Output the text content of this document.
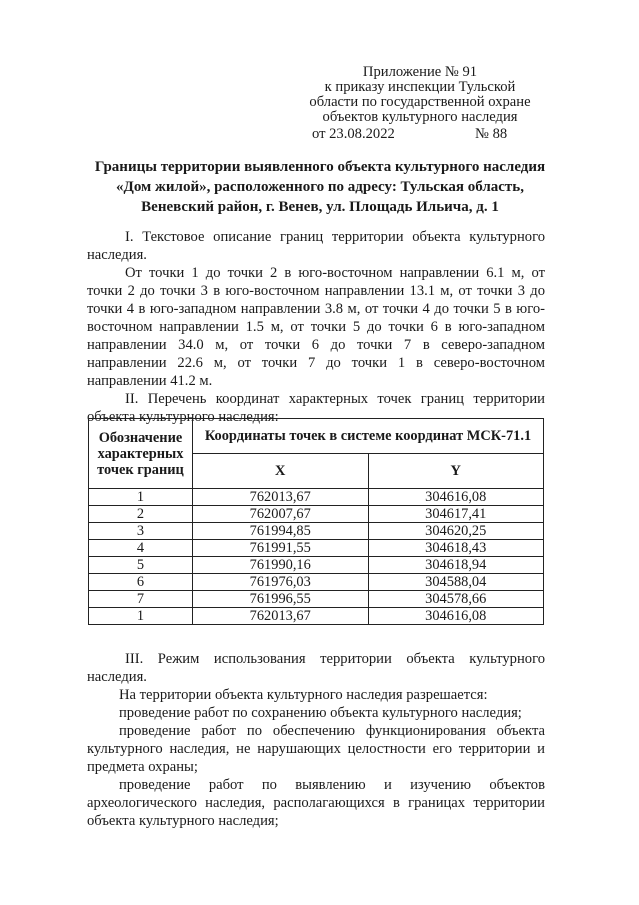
Приложение № 91
к приказу инспекции Тульской
области по государственной охране
объектов культурного наследия
от 23.08.2022	№ 88
Границы территории выявленного объекта культурного наследия
«Дом жилой», расположенного по адресу: Тульская область,
Веневский район, г. Венев, ул. Площадь Ильича, д. 1

I. Текстовое описание границ территории объекта культурного наследия.

От точки 1 до точки 2 в юго-восточном направлении 6.1 м, от точки 2 до точки 3 в юго-восточном направлении 13.1 м, от точки 3 до точки 4 в юго-западном направлении 3.8 м, от точки 4 до точки 5 в юго-восточном направлении 1.5 м, от точки 5 до точки 6 в юго-западном направлении 34.0 м, от точки 6 до точки 7 в северо-западном направлении 22.6 м, от точки 7 до точки 1 в северо-восточном направлении 41.2 м.

II. Перечень координат характерных точек границ территории объекта культурного наследия:

Обозначение характерных точек границ	Координаты точек в системе координат МСК-71.1	
	X	Y
1	762013,67	304616,08
2	762007,67	304617,41
3	761994,85	304620,25
4	761991,55	304618,43
5	761990,16	304618,94
6	761976,03	304588,04
7	761996,55	304578,66
1	762013,67	304616,08

III. Режим использования территории объекта культурного наследия.

На территории объекта культурного наследия разрешается:

проведение работ по сохранению объекта культурного наследия;

проведение работ по обеспечению функционирования объекта культурного наследия, не нарушающих целостности его территории и предмета охраны;

проведение работ по выявлению и изучению объектов археологического наследия, располагающихся в границах территории объекта культурного наследия;
